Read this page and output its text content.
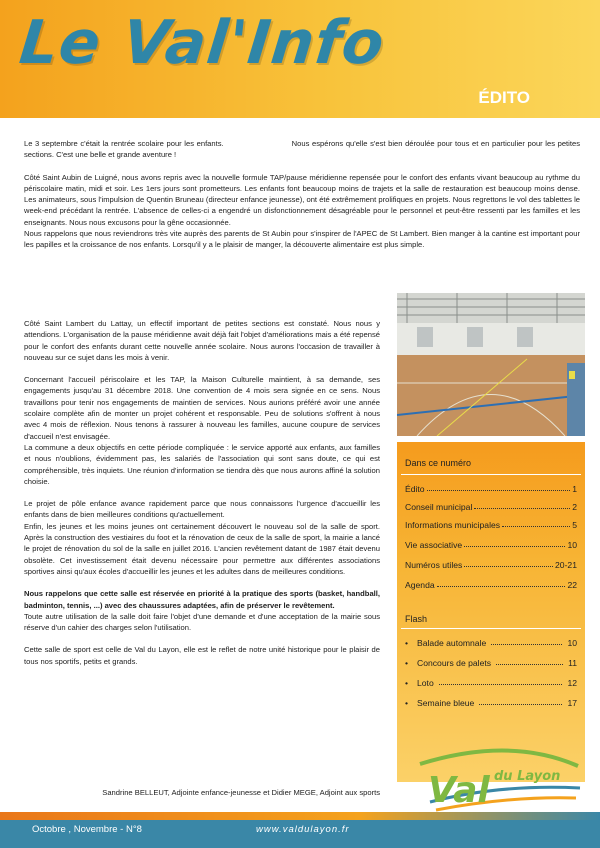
Le Val'Info
ÉDITO

Le 3 septembre c'était la rentrée scolaire pour les enfants.	Nous espérons qu'elle s'est bien déroulée pour tous et en particulier pour les petites sections. C'est une belle et grande aventure !

Côté Saint Aubin de Luigné, nous avons repris avec la nouvelle formule TAP/pause méridienne repensée pour le confort des enfants vivant beaucoup au rythme du périscolaire matin, midi et soir. Les 1ers jours sont prometteurs. Les enfants font beaucoup moins de trajets et la salle de restauration est beaucoup moins dense. Les animateurs, sous l'impulsion de Quentin Bruneau (directeur enfance jeunesse), ont été extrêmement prolifiques en projets. Nous regrettons le vol des tablettes le week-end précédant la rentrée. L'absence de celles-ci a engendré un disfonctionnement désagréable pour le personnel et peut-être ressenti par les familles et les enseignants. Nous nous excusons pour la gêne occasionnée.

Nous rappelons que nous reviendrons très vite auprès des parents de St Aubin pour s'inspirer de l'APEC de St Lambert. Bien manger à la cantine est important pour les papilles et la croissance de nos enfants. Lorsqu'il y a le plaisir de manger, la découverte alimentaire est plus simple.

Côté Saint Lambert du Lattay, un effectif important de petites sections est constaté. Nous nous y attendions. L'organisation de la pause méridienne avait déjà fait l'objet d'améliorations mais a été repensé pour le confort des enfants durant cette nouvelle année scolaire. Nous aurons l'occasion de travailler à nouveau sur ce sujet dans les mois à venir.

Concernant l'accueil périscolaire et les TAP, la Maison Culturelle maintient, à sa demande, ses engagements jusqu'au 31 décembre 2018. Une convention de 4 mois sera signée en ce sens. Nous travaillons pour tenir nos engagements de maintien de services. Nous aurions préféré avoir une année scolaire complète afin de monter un projet cohérent et responsable. Peu de solutions s'offrent à nous avec 4 mois de réflexion. Nous tenons à rassurer à nouveau les familles, aucune coupure de services d'accueil n'est envisagée.

La commune a deux objectifs en cette période compliquée : le service apporté aux enfants, aux familles et nous n'oublions, évidemment pas, les salariés de l'association qui sont sans doute, ce qui est compréhensible, très inquiets. Une réunion d'information se tiendra dès que nous aurons affiné la solution choisie.

Le projet de pôle enfance avance rapidement parce que nous connaissons l'urgence d'accueillir les enfants dans de bien meilleures conditions qu'actuellement.

Enfin, les jeunes et les moins jeunes ont certainement découvert le nouveau sol de la salle de sport. Après la construction des vestiaires du foot et la rénovation de ceux de la salle de sport, la mairie a lancé le projet de rénovation du sol de la salle en juillet 2016. L'ancien revêtement datant de 1987 était devenu obsolète. Cet investissement était devenu nécessaire pour permettre aux différentes associations sportives ainsi qu'aux écoles d'accueillir les jeunes et les adultes dans de meilleures conditions.

Nous rappelons que cette salle est réservée en priorité à la pratique des sports (basket, handball, badminton, tennis, ...) avec des chaussures adaptées, afin de préserver le revêtement.

Toute autre utilisation de la salle doit faire l'objet d'une demande et d'une acceptation de la mairie sous réserve d'un cahier des charges selon l'utilisation.

Cette salle de sport est celle de Val du Layon, elle est le reflet de notre unité historique pour le plaisir de tous nos sportifs, petits et grands.

Sandrine BELLEUT, Adjointe enfance-jeunesse et Didier MEGE, Adjoint aux sports
Dans ce numéro
Édito	1
Conseil municipal	2
Informations municipales	5
Vie associative	10
Numéros utiles	20-21
Agenda	22
Flash
•	Balade automnale	10
•	Concours de palets	11
•	Loto	12
•	Semaine bleue	17
Val du Layon
Octobre , Novembre - N°8	www.valdulayon.fr
